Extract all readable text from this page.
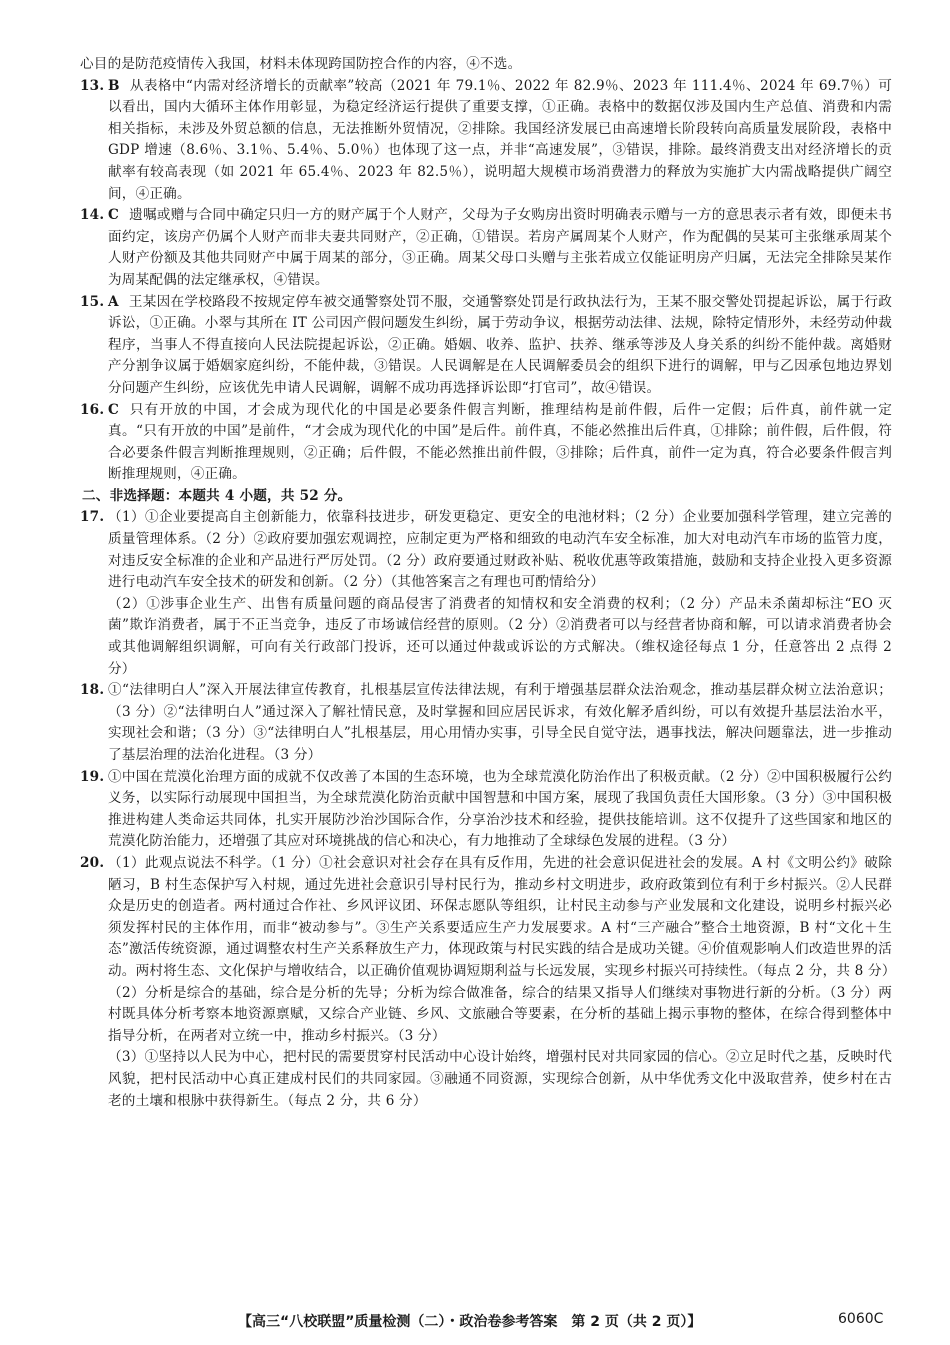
心目的是防范疫情传入我国，材料未体现跨国防控合作的内容，④不选。
13. B 从表格中“内需对经济增长的贡献率”较高（2021 年 79.1％、2022 年 82.9％、2023 年 111.4％、2024 年 69.7％）可以看出，国内大循环主体作用彰显，为稳定经济运行提供了重要支撑，①正确。表格中的数据仅涉及国内生产总值、消费和内需相关指标，未涉及外贸总额的信息，无法推断外贸情况，②排除。我国经济发展已由高速增长阶段转向高质量发展阶段，表格中 GDP 增速（8.6％、3.1％、5.4％、5.0％）也体现了这一点，并非“高速发展”，③错误，排除。最终消费支出对经济增长的贡献率有较高表现（如 2021 年 65.4％、2023 年 82.5％），说明超大规模市场消费潜力的释放为实施扩大内需战略提供广阔空间，④正确。
14. C 遗嘱或赠与合同中确定只归一方的财产属于个人财产，父母为子女购房出资时明确表示赠与一方的意思表示者有效，即便未书面约定，该房产仍属个人财产而非夫妻共同财产，②正确，①错误。若房产属周某个人财产，作为配偶的吴某可主张继承周某个人财产份额及其他共同财产中属于周某的部分，③正确。周某父母口头赠与主张若成立仅能证明房产归属，无法完全排除吴某作为周某配偶的法定继承权，④错误。
15. A 王某因在学校路段不按规定停车被交通警察处罚不服，交通警察处罚是行政执法行为，王某不服交警处罚提起诉讼，属于行政诉讼，①正确。小翠与其所在 IT 公司因产假问题发生纠纷，属于劳动争议，根据劳动法律、法规，除特定情形外，未经劳动仲裁程序，当事人不得直接向人民法院提起诉讼，②正确。婚姻、收养、监护、扶养、继承等涉及人身关系的纠纷不能仲裁。离婚财产分割争议属于婚姻家庭纠纷，不能仲裁，③错误。人民调解是在人民调解委员会的组织下进行的调解，甲与乙因承包地边界划分问题产生纠纷，应该优先申请人民调解，调解不成功再选择诉讼即“打官司”，故④错误。
16. C 只有开放的中国，才会成为现代化的中国是必要条件假言判断，推理结构是前件假，后件一定假；后件真，前件就一定真。“只有开放的中国”是前件，“才会成为现代化的中国”是后件。前件真，不能必然推出后件真，①排除；前件假，后件假，符合必要条件假言判断推理规则，②正确；后件假，不能必然推出前件假，③排除；后件真，前件一定为真，符合必要条件假言判断推理规则，④正确。
二、非选择题：本题共 4 小题，共 52 分。
17. （1）①企业要提高自主创新能力，依靠科技进步，研发更稳定、更安全的电池材料；（2 分）企业要加强科学管理，建立完善的质量管理体系。（2 分）②政府要加强宏观调控，应制定更为严格和细致的电动汽车安全标准，加大对电动汽车市场的监管力度，对违反安全标准的企业和产品进行严厉处罚。（2 分）政府要通过财政补贴、税收优惠等政策措施，鼓励和支持企业投入更多资源进行电动汽车安全技术的研发和创新。（2 分）（其他答案言之有理也可酌情给分）
（2）①涉事企业生产、出售有质量问题的商品侵害了消费者的知情权和安全消费的权利；（2 分）产品未杀菌却标注“EO 灭菌”欺诈消费者，属于不正当竞争，违反了市场诚信经营的原则。（2 分）②消费者可以与经营者协商和解，可以请求消费者协会或其他调解组织调解，可向有关行政部门投诉，还可以通过仲裁或诉讼的方式解决。（维权途径每点 1 分，任意答出 2 点得 2 分）
18. ①“法律明白人”深入开展法律宣传教育，扎根基层宣传法律法规，有利于增强基层群众法治观念，推动基层群众树立法治意识；（3 分）②“法律明白人”通过深入了解社情民意，及时掌握和回应居民诉求，有效化解矛盾纠纷，可以有效提升基层法治水平，实现社会和谐；（3 分）③“法律明白人”扎根基层，用心用情办实事，引导全民自觉守法，遇事找法，解决问题靠法，进一步推动了基层治理的法治化进程。（3 分）
19. ①中国在荒漠化治理方面的成就不仅改善了本国的生态环境，也为全球荒漠化防治作出了积极贡献。（2 分）②中国积极履行公约义务，以实际行动展现中国担当，为全球荒漠化防治贡献中国智慧和中国方案，展现了我国负责任大国形象。（3 分）③中国积极推进构建人类命运共同体，扎实开展防沙治沙国际合作，分享治沙技术和经验，提供技能培训。这不仅提升了这些国家和地区的荒漠化防治能力，还增强了其应对环境挑战的信心和决心，有力地推动了全球绿色发展的进程。（3 分）
20. （1）此观点说法不科学。（1 分）①社会意识对社会存在具有反作用，先进的社会意识促进社会的发展。A 村《文明公约》破除陋习，B 村生态保护写入村规，通过先进社会意识引导村民行为，推动乡村文明进步，政府政策到位有利于乡村振兴。②人民群众是历史的创造者。两村通过合作社、乡风评议团、环保志愿队等组织，让村民主动参与产业发展和文化建设，说明乡村振兴必须发挥村民的主体作用，而非“被动参与”。③生产关系要适应生产力发展要求。A 村“三产融合”整合土地资源，B 村“文化＋生态”激活传统资源，通过调整农村生产关系释放生产力，体现政策与村民实践的结合是成功关键。④价值观影响人们改造世界的活动。两村将生态、文化保护与增收结合，以正确价值观协调短期利益与长远发展，实现乡村振兴可持续性。（每点 2 分，共 8 分）
（2）分析是综合的基础，综合是分析的先导；分析为综合做准备，综合的结果又指导人们继续对事物进行新的分析。（3 分）两村既具体分析考察本地资源禀赋，又综合产业链、乡风、文旅融合等要素，在分析的基础上揭示事物的整体，在综合得到整体中指导分析，在两者对立统一中，推动乡村振兴。（3 分）
（3）①坚持以人民为中心，把村民的需要贯穿村民活动中心设计始终，增强村民对共同家园的信心。②立足时代之基，反映时代风貌，把村民活动中心真正建成村民们的共同家园。③融通不同资源，实现综合创新，从中华优秀文化中汲取营养，使乡村在古老的土壤和根脉中获得新生。（每点 2 分，共 6 分）
【高三“八校联盟”质量检测（二）・政治卷参考答案　第 2 页（共 2 页）】	6060C
